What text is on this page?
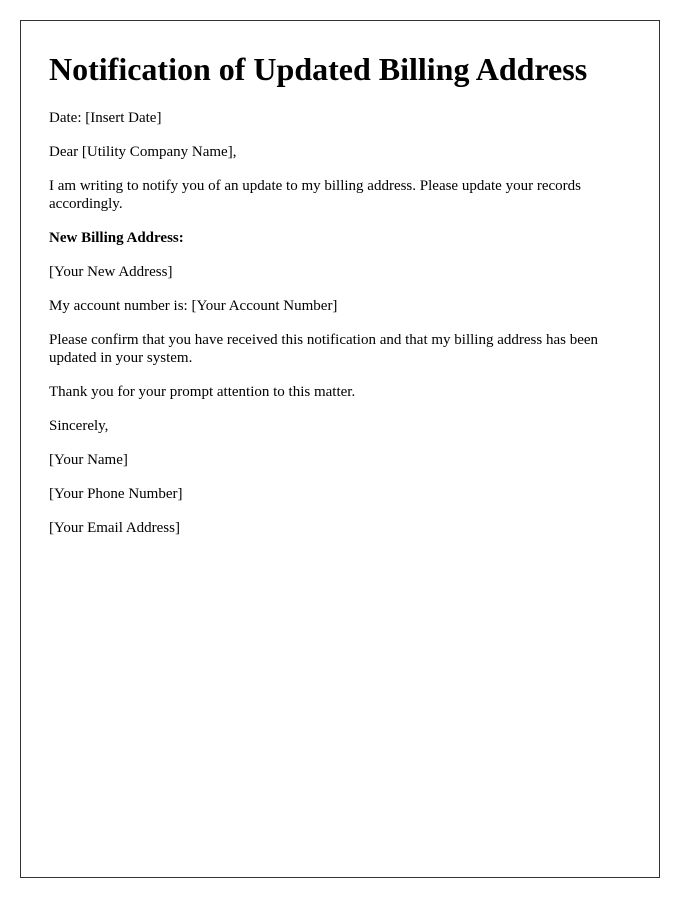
Notification of Updated Billing Address

Date: [Insert Date]

Dear [Utility Company Name],

I am writing to notify you of an update to my billing address. Please update your records accordingly.

New Billing Address:

[Your New Address]

My account number is: [Your Account Number]

Please confirm that you have received this notification and that my billing address has been updated in your system.

Thank you for your prompt attention to this matter.

Sincerely,

[Your Name]

[Your Phone Number]

[Your Email Address]
